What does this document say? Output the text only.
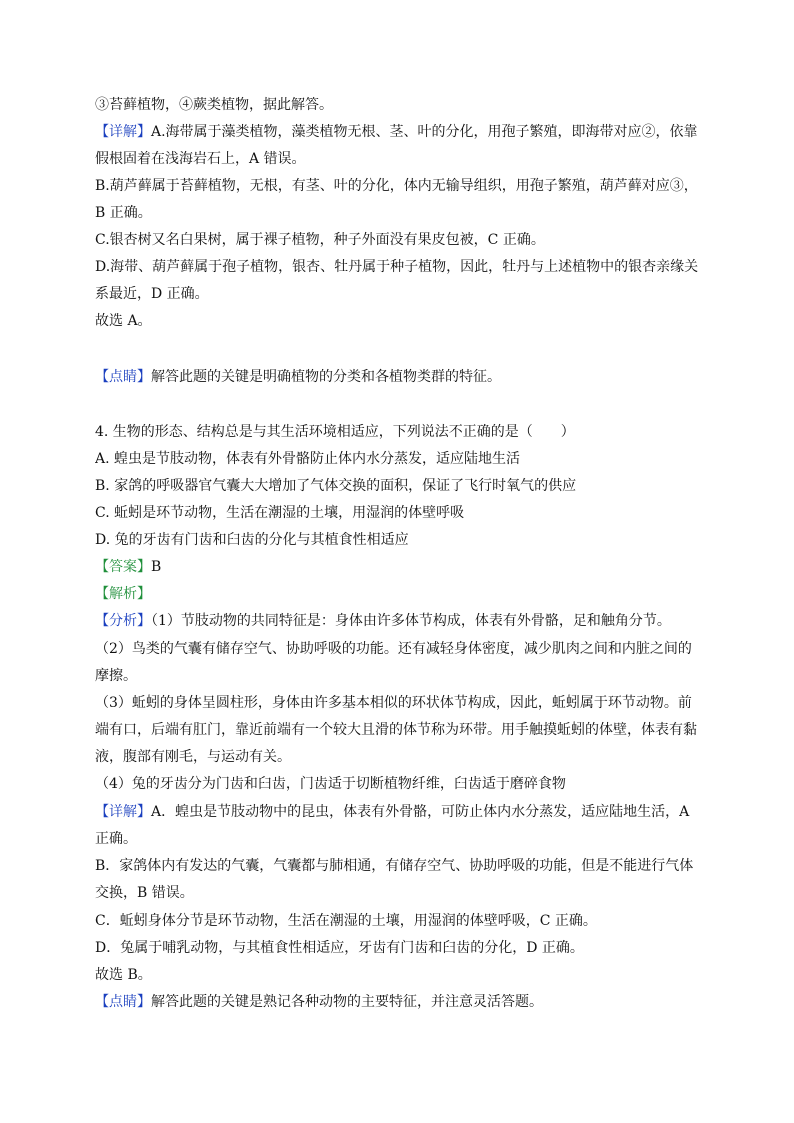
③苔藓植物，④蕨类植物，据此解答。
【详解】A.海带属于藻类植物，藻类植物无根、茎、叶的分化，用孢子繁殖，即海带对应②，依靠
假根固着在浅海岩石上，A 错误。
B.葫芦藓属于苔藓植物，无根，有茎、叶的分化，体内无输导组织，用孢子繁殖，葫芦藓对应③，
B 正确。
C.银杏树又名白果树，属于裸子植物，种子外面没有果皮包被，C 正确。
D.海带、葫芦藓属于孢子植物，银杏、牡丹属于种子植物，因此，牡丹与上述植物中的银杏亲缘关
系最近，D 正确。
故选 A。
【点睛】解答此题的关键是明确植物的分类和各植物类群的特征。
4. 生物的形态、结构总是与其生活环境相适应，下列说法不正确的是（　　）
A. 蝗虫是节肢动物，体表有外骨骼防止体内水分蒸发，适应陆地生活
B. 家鸽的呼吸器官气囊大大增加了气体交换的面积，保证了飞行时氧气的供应
C. 蚯蚓是环节动物，生活在潮湿的土壤，用湿润的体壁呼吸
D. 兔的牙齿有门齿和臼齿的分化与其植食性相适应
【答案】B
【解析】
【分析】（1）节肢动物的共同特征是：身体由许多体节构成，体表有外骨骼，足和触角分节。
（2）鸟类的气囊有储存空气、协助呼吸的功能。还有减轻身体密度，减少肌肉之间和内脏之间的
摩擦。
（3）蚯蚓的身体呈圆柱形，身体由许多基本相似的环状体节构成，因此，蚯蚓属于环节动物。前
端有口，后端有肛门，靠近前端有一个较大且滑的体节称为环带。用手触摸蚯蚓的体壁，体表有黏
液，腹部有刚毛，与运动有关。
（4）兔的牙齿分为门齿和臼齿，门齿适于切断植物纤维，臼齿适于磨碎食物
【详解】A．蝗虫是节肢动物中的昆虫，体表有外骨骼，可防止体内水分蒸发，适应陆地生活，A
正确。
B．家鸽体内有发达的气囊，气囊都与肺相通，有储存空气、协助呼吸的功能，但是不能进行气体
交换，B 错误。
C．蚯蚓身体分节是环节动物，生活在潮湿的土壤，用湿润的体壁呼吸，C 正确。
D．兔属于哺乳动物，与其植食性相适应，牙齿有门齿和臼齿的分化，D 正确。
故选 B。
【点睛】解答此题的关键是熟记各种动物的主要特征，并注意灵活答题。
